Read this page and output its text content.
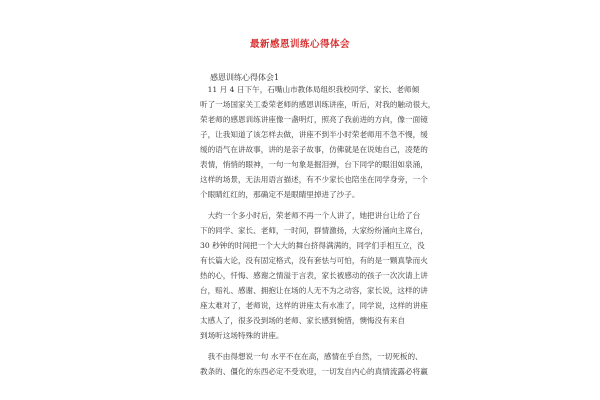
最新感恩训练心得体会
感恩训练心得体会1

　11 月 4 日下午，石嘴山市教体局组织我校同学、家长、老师倾
听了一场国家关工委荣老师的感恩训练讲座，听后，对我的触动很大，
荣老师的感恩训练讲座像一盏明灯，照亮了我前进的方向，像一面镜
子，让我知道了该怎样去做，讲座不到半小时荣老师用不急不慢，缓
缓的语气在讲故事，讲的是亲子故事，仿佛就是在说她自己，凌楚的
表情，悄悄的眼神，一句一句象是掘泪弹，台下同学的眼泪如泉涌，
这样的场景，无法用语言描述，有不少家长也陪坐在同学身旁，一个
个眼睛红红的，那确定不是眼睛里掉进了沙子。

　大约一个多小时后，荣老师不再一个人讲了，她把讲台让给了台
下的同学、家长、老师，一时间，群情激扬，大家纷纷涌向主席台，
30 秒钟的时间把一个大大的舞台挤得满满的，同学们手相互立，没
有长篇大论，没有固定格式，没有套怯与可怕，有的是一颗真挚而火
热的心，忏悔、感谢之情溢于言表，家长被感动的孩子一次次请上讲
台，赔礼、感谢、拥抱让在场的人无不为之动容，家长说，这样的讲
座太难对了，老师说，这样的讲座太有水准了，同学说，这样的讲座
太感人了，很多没到场的老师、家长感到惋惜，懊悔没有来自
到场听这场特殊的讲座。

　我不由得想说一句 水平不在在高，感情在乎自然，一切死板的、
教条的、僵化的东西必定不受欢迎，一切发自内心的真情流露必将赢
